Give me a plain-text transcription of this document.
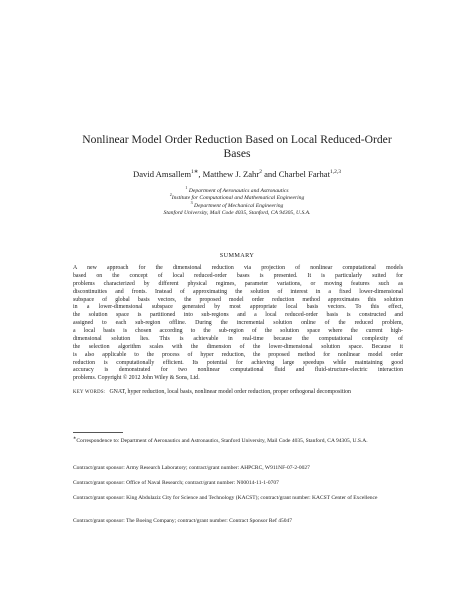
Nonlinear Model Order Reduction Based on Local Reduced-Order
Bases
David Amsallem$^{1∗}$, Matthew J. Zahr$^2$ and Charbel Farhat$^{1,2,3}$
$^1$ Department of Aeronautics and Astronautics
$^2$Institute for Computational and Mathematical Engineering
$^3$ Department of Mechanical Engineering
Stanford University, Mail Code 4035, Stanford, CA 94305, U.S.A.
SUMMARY
A new approach for the dimensional reduction via projection of nonlinear computational models
based on the concept of local reduced-order bases is presented. It is particularly suited for
problems characterized by different physical regimes, parameter variations, or moving features such as
discontinuities and fronts. Instead of approximating the solution of interest in a fixed lower-dimensional
subspace of global basis vectors, the proposed model order reduction method approximates this solution
in a lower-dimensional subspace generated by most appropriate local basis vectors. To this effect,
the solution space is partitioned into sub-regions and a local reduced-order basis is constructed and
assigned to each sub-region offline. During the incremental solution online of the reduced problem,
a local basis is chosen according to the sub-region of the solution space where the current high-
dimensional solution lies. This is achievable in real-time because the computational complexity of
the selection algorithm scales with the dimension of the lower-dimensional solution space. Because it
is also applicable to the process of hyper reduction, the proposed method for nonlinear model order
reduction is computationally efficient. Its potential for achieving large speedups while maintaining good
accuracy is demonstrated for two nonlinear computational fluid and fluid-structure-electric interaction
problems. Copyright © 2012 John Wiley & Sons, Ltd.
KEY WORDS: GNAT, hyper reduction, local basis, nonlinear model order reduction, proper orthogonal decomposition
∗Correspondence to: Department of Aeronautics and Astronautics, Stanford University, Mail Code 4035, Stanford, CA 94305, U.S.A.
Contract/grant sponsor: Army Research Laboratory; contract/grant number: AHPCRC, W911NF-07-2-0027
Contract/grant sponsor: Office of Naval Research; contract/grant number: N00014-11-1-0707
Contract/grant sponsor: King Abdulaziz City for Science and Technology (KACST); contract/grant number: KACST Center of Excellence
Contract/grant sponsor: The Boeing Company; contract/grant number: Contract Sponsor Ref 45047
